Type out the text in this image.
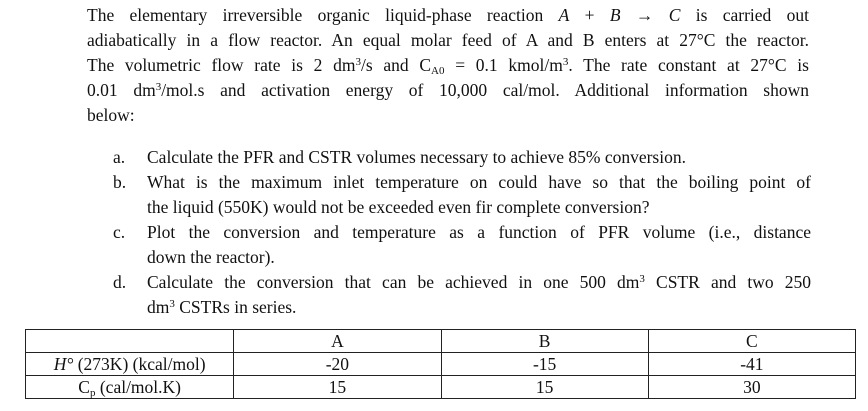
The elementary irreversible organic liquid-phase reaction A + B → C is carried out
adiabatically in a flow reactor. An equal molar feed of A and B enters at 27°C the reactor.
The volumetric flow rate is 2 $dm^3/s$ and $C_{A0} = 0.1$ kmol/$m^3$. The rate constant at 27°C is
0.01 $dm^3/mol.s$ and activation energy of 10,000 cal/mol. Additional information shown
below:
a. Calculate the PFR and CSTR volumes necessary to achieve 85% conversion.
b. What is the maximum inlet temperature on could have so that the boiling point of
the liquid (550K) would not be exceeded even fir complete conversion?
c. Plot the conversion and temperature as a function of PFR volume (i.e., distance
down the reactor).
d. Calculate the conversion that can be achieved in one 500 $dm^3$ CSTR and two 250
$dm^3$ CSTRs in series.
	A	B	C
H° (273K) (kcal/mol)	-20	-15	-41
$C_p$ (cal/mol.K)	15	15	30
